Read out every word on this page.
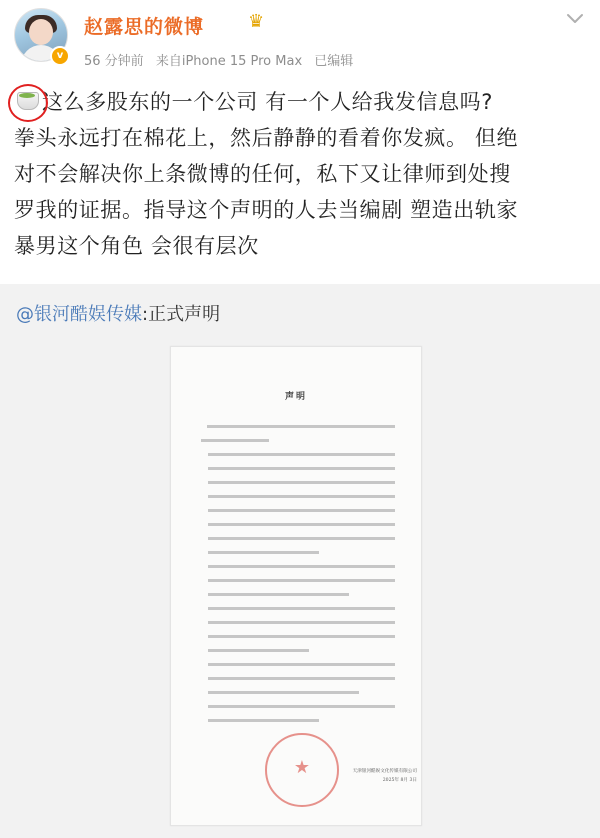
v
赵露思的微博 ♛
56 分钟前 来自iPhone 15 Pro Max 已编辑
这么多股东的一个公司 有一个人给我发信息吗?
拳头永远打在棉花上，然后静静的看着你发疯。 但绝
对不会解决你上条微博的任何，私下又让律师到处搜
罗我的证据。指导这个声明的人去当编剧 塑造出轨家
暴男这个角色 会很有层次
@银河酷娱传媒:正式声明
声明
★	天津银河酷娱文化传媒有限公司
2025年 8月 3日
